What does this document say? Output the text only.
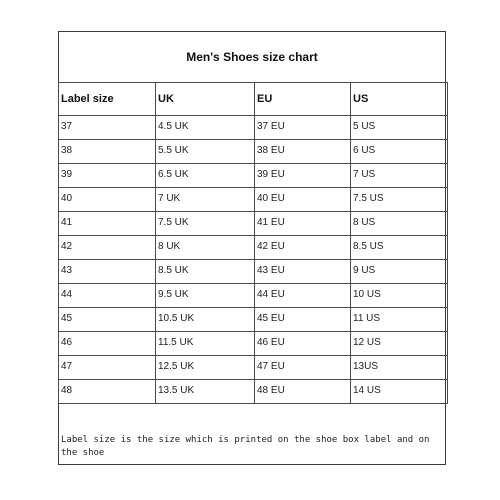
Men's Shoes size chart
Label size	UK	EU	US
37	4.5 UK	37 EU	5 US
38	5.5 UK	38 EU	6 US
39	6.5 UK	39 EU	7 US
40	7 UK	40 EU	7.5 US
41	7.5 UK	41 EU	8 US
42	8 UK	42 EU	8.5 US
43	8.5 UK	43 EU	9 US
44	9.5 UK	44 EU	10 US
45	10.5 UK	45 EU	11 US
46	11.5 UK	46 EU	12 US
47	12.5 UK	47 EU	13US
48	13.5 UK	48 EU	14 US
Label size is the size which is printed on the shoe box label and on the shoe
